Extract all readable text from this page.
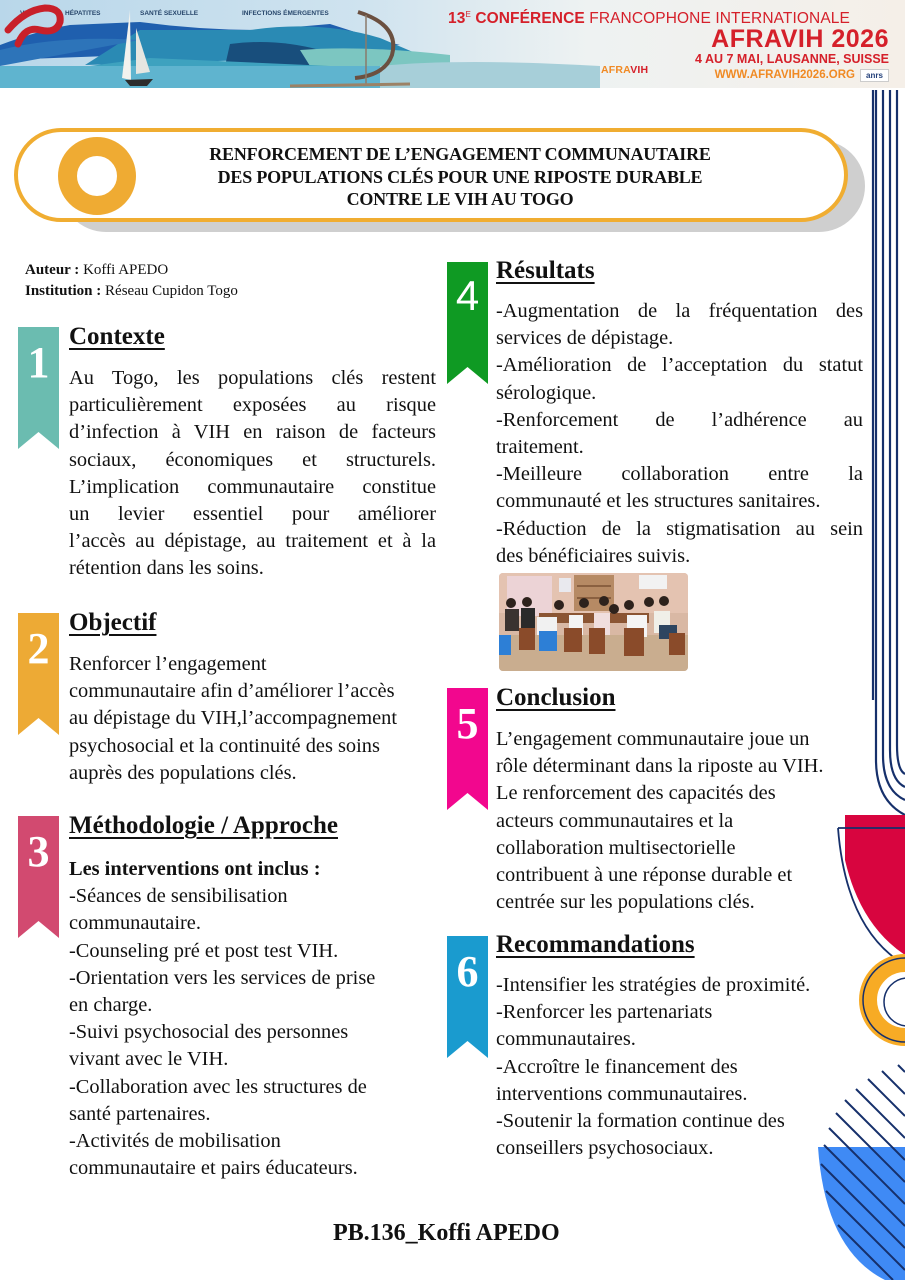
VIH	HÉPATITES	SANTÉ SEXUELLE	INFECTIONS ÉMERGENTES	$13^E$ CONFÉRENCE FRANCOPHONE INTERNATIONALE
AFRAVIH
AFRAVIH 2026
4 AU 7 MAI, LAUSANNE, SUISSE
WWW.AFRAVIH2026.ORG	anrs
RENFORCEMENT DE L’ENGAGEMENT COMMUNAUTAIRE
DES POPULATIONS CLÉS POUR UNE RIPOSTE DURABLE
CONTRE LE VIH AU TOGO
Auteur : Koffi APEDO
Institution : Réseau Cupidon Togo
1
Contexte
Au Togo, les populations clés restent
particulièrement exposées au risque
d’infection à VIH en raison de facteurs
sociaux, économiques et structurels.
L’implication communautaire constitue
un levier essentiel pour améliorer
l’accès au dépistage, au traitement et à la
rétention dans les soins.
2
Objectif
Renforcer l’engagement
communautaire afin d’améliorer l’accès
au dépistage du VIH,l’accompagnement
psychosocial et la continuité des soins
auprès des populations clés.
3
Méthodologie / Approche
Les interventions ont inclus :
-Séances de sensibilisation
communautaire.
-Counseling pré et post test VIH.
-Orientation vers les services de prise
en charge.
-Suivi psychosocial des personnes
vivant avec le VIH.
-Collaboration avec les structures de
santé partenaires.
-Activités de mobilisation
communautaire et pairs éducateurs.
4
Résultats
-Augmentation de la fréquentation des
services de dépistage.
-Amélioration de l’acceptation du statut
sérologique.
-Renforcement de l’adhérence au
traitement.
-Meilleure collaboration entre la
communauté et les structures sanitaires.
-Réduction de la stigmatisation au sein
des bénéficiaires suivis.
5
Conclusion
L’engagement communautaire joue un
rôle déterminant dans la riposte au VIH.
Le renforcement des capacités des
acteurs communautaires et la
collaboration multisectorielle
contribuent à une réponse durable et
centrée sur les populations clés.
6
Recommandations
-Intensifier les stratégies de proximité.
-Renforcer les partenariats
communautaires.
-Accroître le financement des
interventions communautaires.
-Soutenir la formation continue des
conseillers psychosociaux.
PB.136_Koffi APEDO
